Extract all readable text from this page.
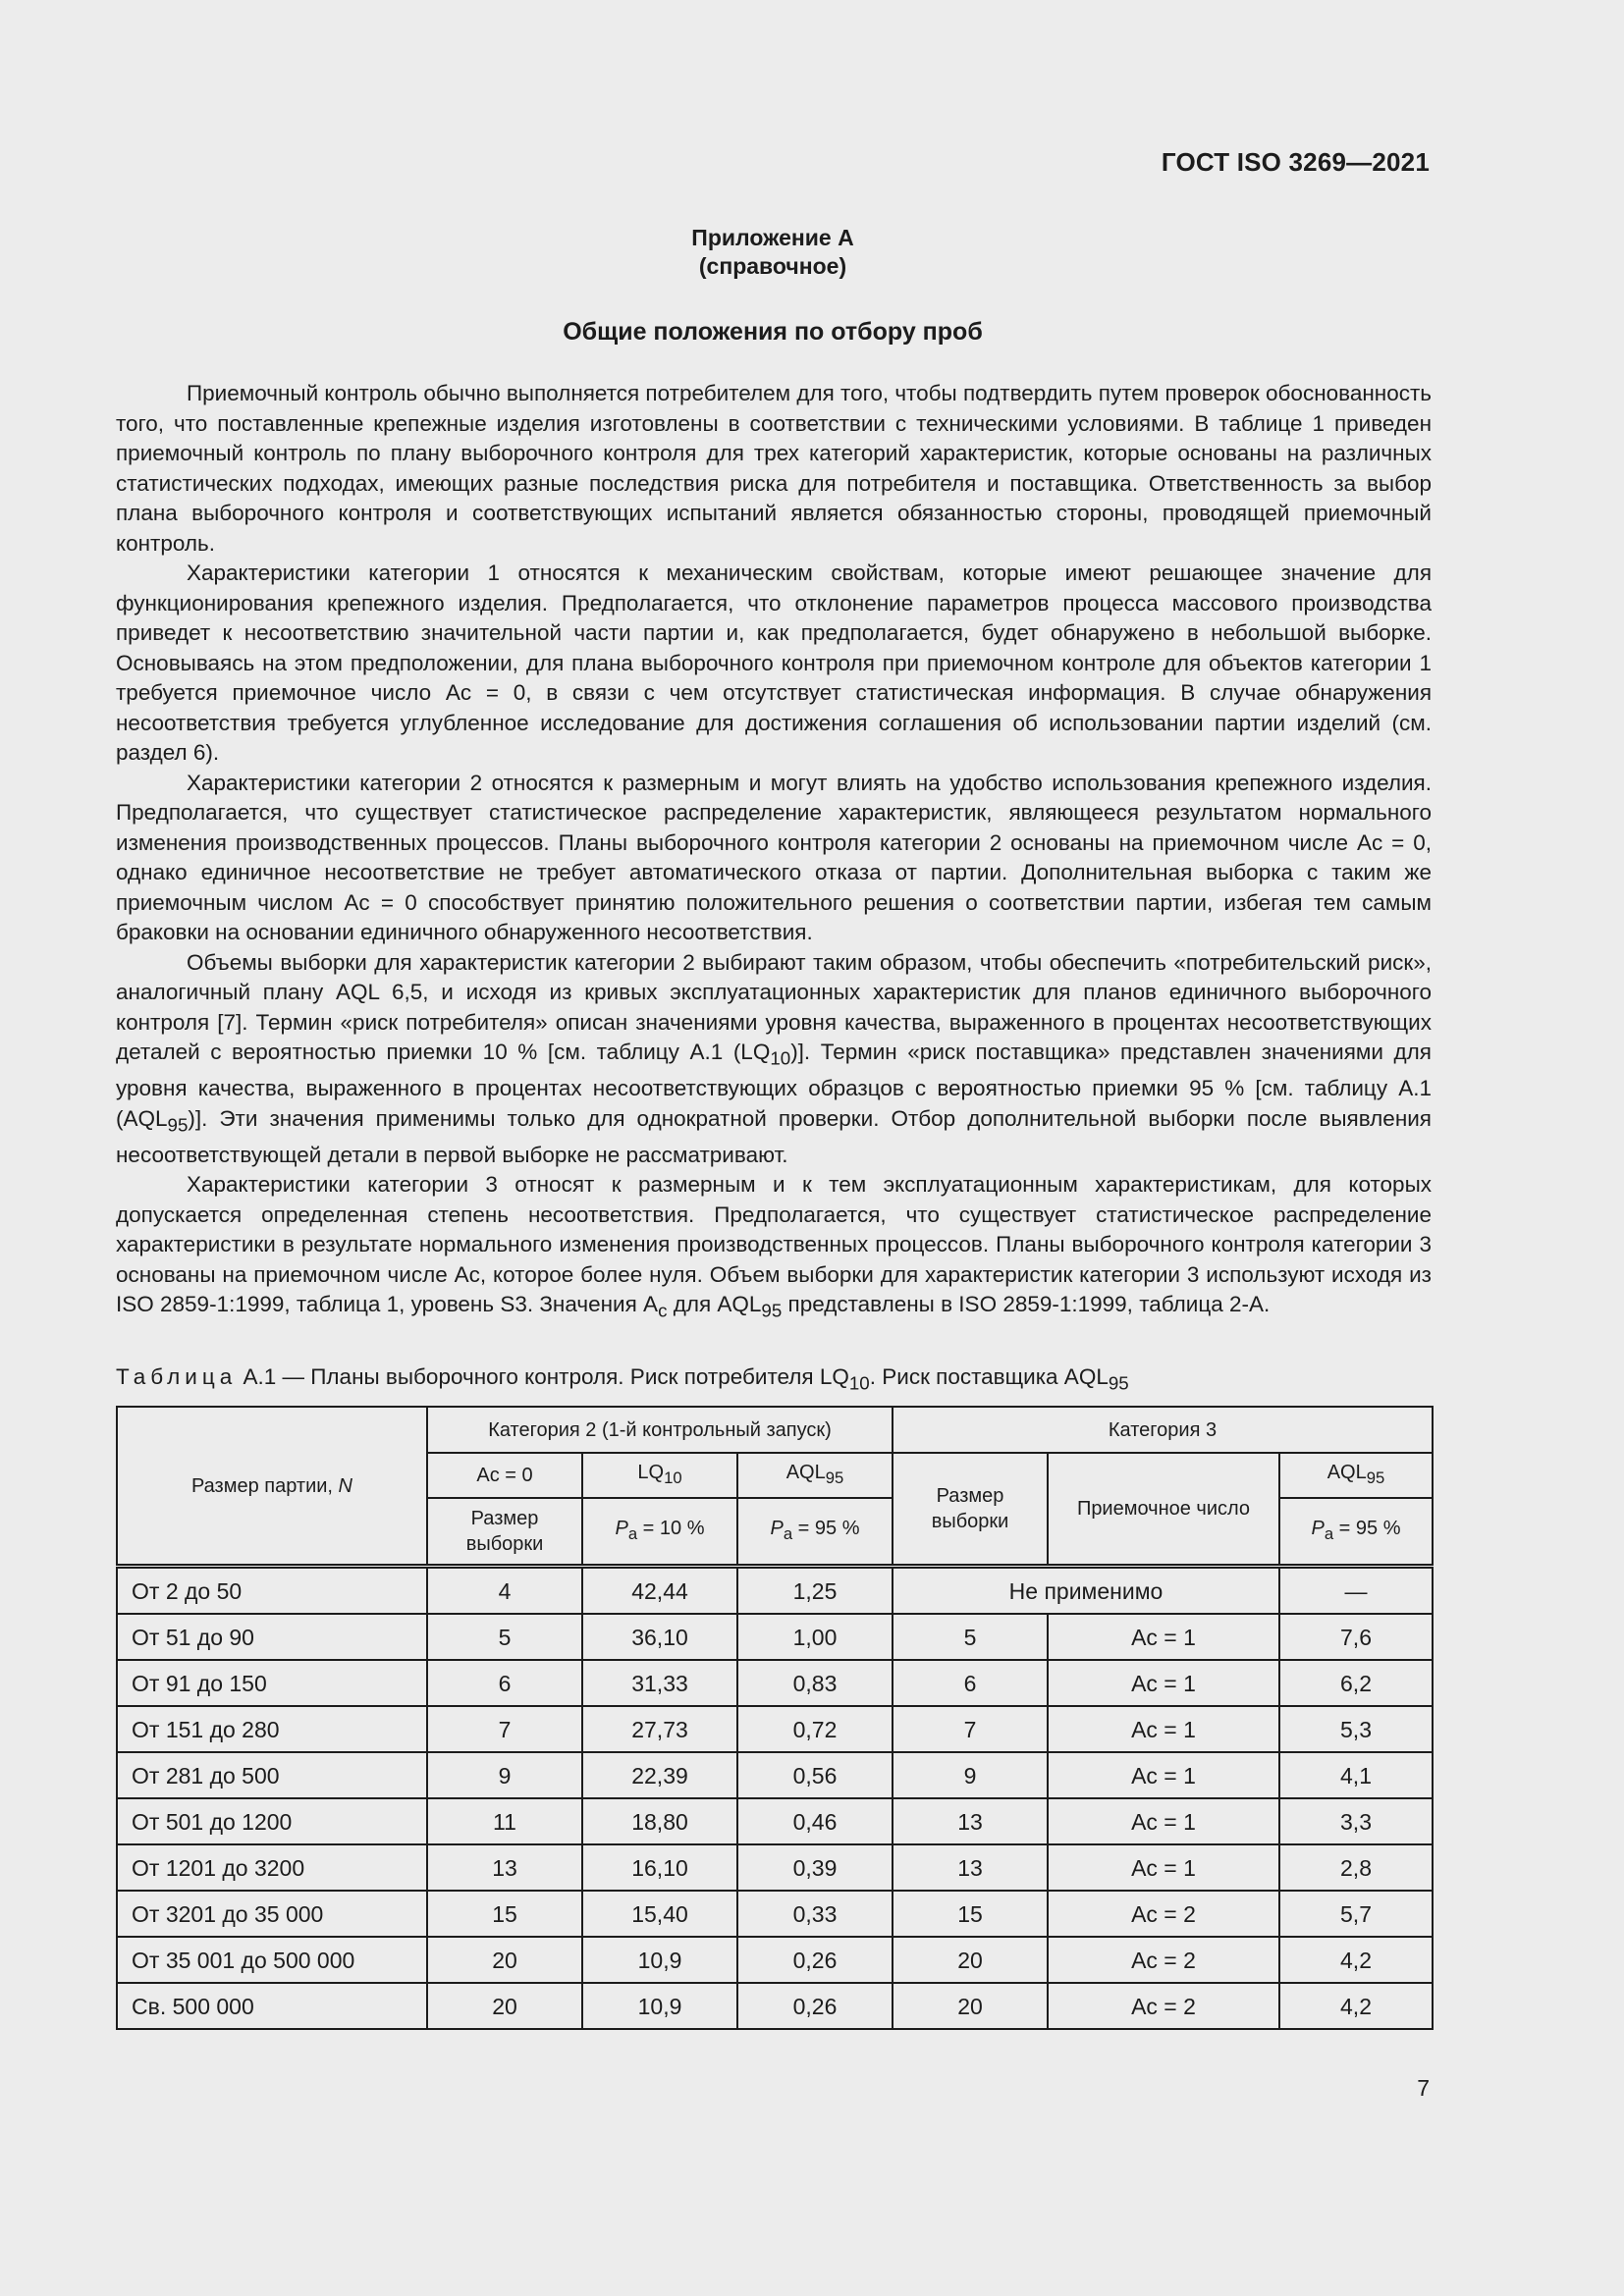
ГОСТ ISO 3269—2021
Приложение А
(справочное)
Общие положения по отбору проб

Приемочный контроль обычно выполняется потребителем для того, чтобы подтвердить путем проверок обоснованность того, что поставленные крепежные изделия изготовлены в соответствии с техническими условиями. В таблице 1 приведен приемочный контроль по плану выборочного контроля для трех категорий характеристик, которые основаны на различных статистических подходах, имеющих разные последствия риска для потребителя и поставщика. Ответственность за выбор плана выборочного контроля и соответствующих испытаний является обязанностью стороны, проводящей приемочный контроль.

Характеристики категории 1 относятся к механическим свойствам, которые имеют решающее значение для функционирования крепежного изделия. Предполагается, что отклонение параметров процесса массового производства приведет к несоответствию значительной части партии и, как предполагается, будет обнаружено в небольшой выборке. Основываясь на этом предположении, для плана выборочного контроля при приемочном контроле для объектов категории 1 требуется приемочное число Ac = 0, в связи с чем отсутствует статистическая информация. В случае обнаружения несоответствия требуется углубленное исследование для достижения соглашения об использовании партии изделий (см. раздел 6).

Характеристики категории 2 относятся к размерным и могут влиять на удобство использования крепежного изделия. Предполагается, что существует статистическое распределение характеристик, являющееся результатом нормального изменения производственных процессов. Планы выборочного контроля категории 2 основаны на приемочном числе Ac = 0, однако единичное несоответствие не требует автоматического отказа от партии. Дополнительная выборка с таким же приемочным числом Ac = 0 способствует принятию положительного решения о соответствии партии, избегая тем самым браковки на основании единичного обнаруженного несоответствия.

Объемы выборки для характеристик категории 2 выбирают таким образом, чтобы обеспечить «потребительский риск», аналогичный плану AQL 6,5, и исходя из кривых эксплуатационных характеристик для планов единичного выборочного контроля [7]. Термин «риск потребителя» описан значениями уровня качества, выраженного в процентах несоответствующих деталей с вероятностью приемки 10 % [см. таблицу А.1 $(LQ_{10})$]. Термин «риск поставщика» представлен значениями для уровня качества, выраженного в процентах несоответствующих образцов с вероятностью приемки 95 % [см. таблицу А.1 $(AQL_{95})$]. Эти значения применимы только для однократной проверки. Отбор дополнительной выборки после выявления несоответствующей детали в первой выборке не рассматривают.

Характеристики категории 3 относят к размерным и к тем эксплуатационным характеристикам, для которых допускается определенная степень несоответствия. Предполагается, что существует статистическое распределение характеристики в результате нормального изменения производственных процессов. Планы выборочного контроля категории 3 основаны на приемочном числе Ac, которое более нуля. Объем выборки для характеристик категории 3 используют исходя из ISO 2859-1:1999, таблица 1, уровень S3. Значения $A_c$ для $AQL_{95}$ представлены в ISO 2859-1:1999, таблица 2-А.

Таблица А.1 — Планы выборочного контроля. Риск потребителя $LQ_{10}$. Риск поставщика $AQL_{95}$
Размер партии, N	Категория 2 (1-й контрольный запуск)			Категория 3		
	Ac = 0	$LQ_{10}$	$AQL_{95}$	Размер выборки	Приемочное число	$AQL_{95}$
	Размер выборки	$P_a = 10$ %	$P_a = 95$ %			$P_a = 95$ %
От 2 до 50	4	42,44	1,25	Не применимо		—
От 51 до 90	5	36,10	1,00	5	Ac = 1	7,6
От 91 до 150	6	31,33	0,83	6	Ac = 1	6,2
От 151 до 280	7	27,73	0,72	7	Ac = 1	5,3
От 281 до 500	9	22,39	0,56	9	Ac = 1	4,1
От 501 до 1200	11	18,80	0,46	13	Ac = 1	3,3
От 1201 до 3200	13	16,10	0,39	13	Ac = 1	2,8
От 3201 до 35 000	15	15,40	0,33	15	Ac = 2	5,7
От 35 001 до 500 000	20	10,9	0,26	20	Ac = 2	4,2
Св. 500 000	20	10,9	0,26	20	Ac = 2	4,2
7
